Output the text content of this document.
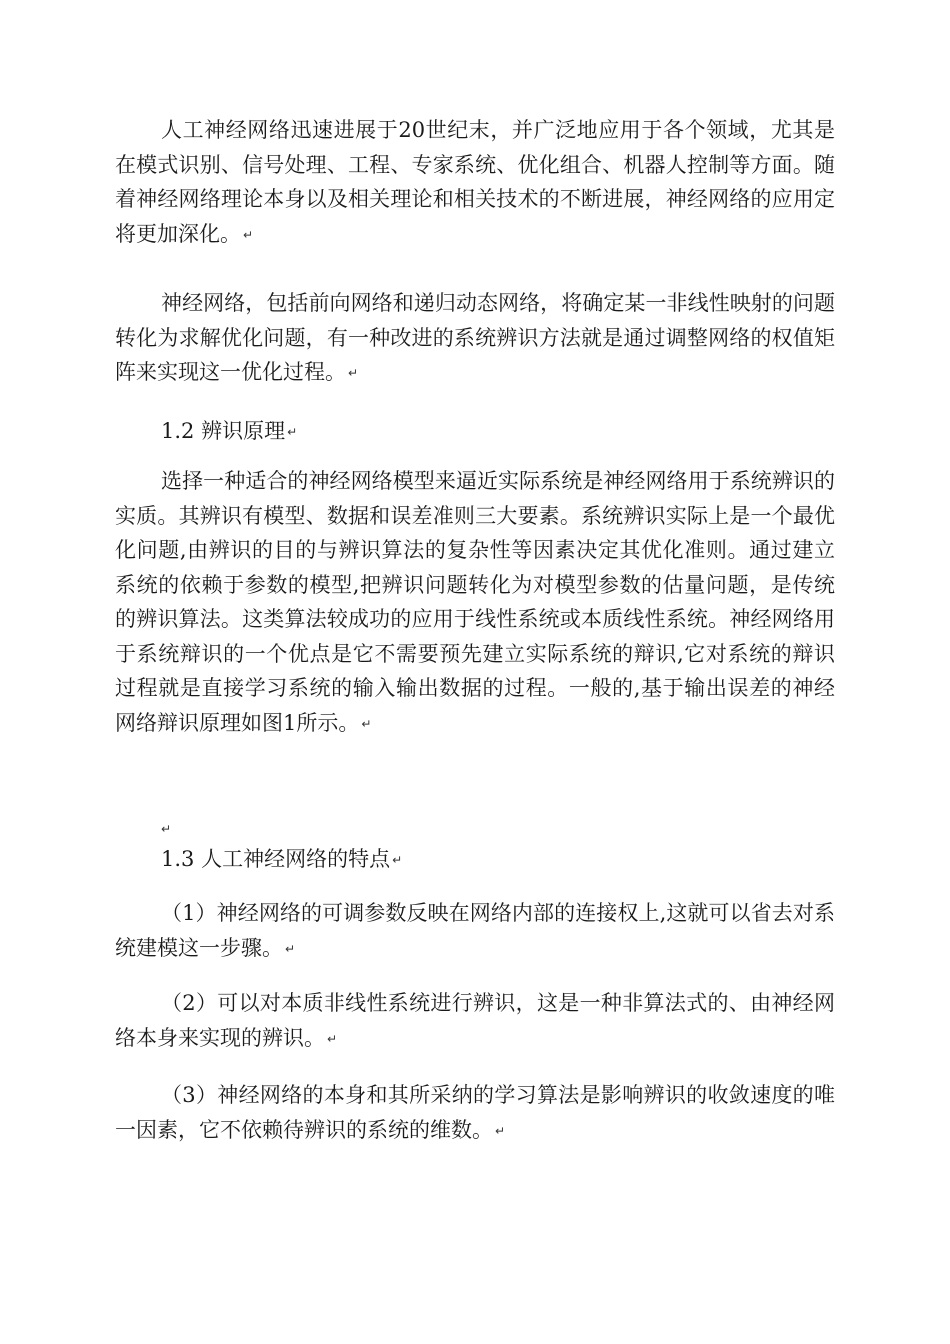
人工神经网络迅速进展于20世纪末，并广泛地应用于各个领域，尤其是在模式识别、信号处理、工程、专家系统、优化组合、机器人控制等方面。随着神经网络理论本身以及相关理论和相关技术的不断进展，神经网络的应用定将更加深化。 ↵

神经网络，包括前向网络和递归动态网络，将确定某一非线性映射的问题转化为求解优化问题，有一种改进的系统辨识方法就是通过调整网络的权值矩阵来实现这一优化过程。 ↵

1.2 辨识原理 ↵

选择一种适合的神经网络模型来逼近实际系统是神经网络用于系统辨识的实质。其辨识有模型、数据和误差准则三大要素。系统辨识实际上是一个最优化问题,由辨识的目的与辨识算法的复杂性等因素决定其优化准则。通过建立系统的依赖于参数的模型,把辨识问题转化为对模型参数的估量问题，是传统的辨识算法。这类算法较成功的应用于线性系统或本质线性系统。神经网络用于系统辩识的一个优点是它不需要预先建立实际系统的辩识,它对系统的辩识过程就是直接学习系统的输入输出数据的过程。一般的,基于输出误差的神经网络辩识原理如图1所示。 ↵

↵

1.3 人工神经网络的特点 ↵

（1）神经网络的可调参数反映在网络内部的连接权上,这就可以省去对系统建模这一步骤。 ↵

（2）可以对本质非线性系统进行辨识，这是一种非算法式的、由神经网络本身来实现的辨识。 ↵

（3）神经网络的本身和其所采纳的学习算法是影响辨识的收敛速度的唯一因素，它不依赖待辨识的系统的维数。 ↵
